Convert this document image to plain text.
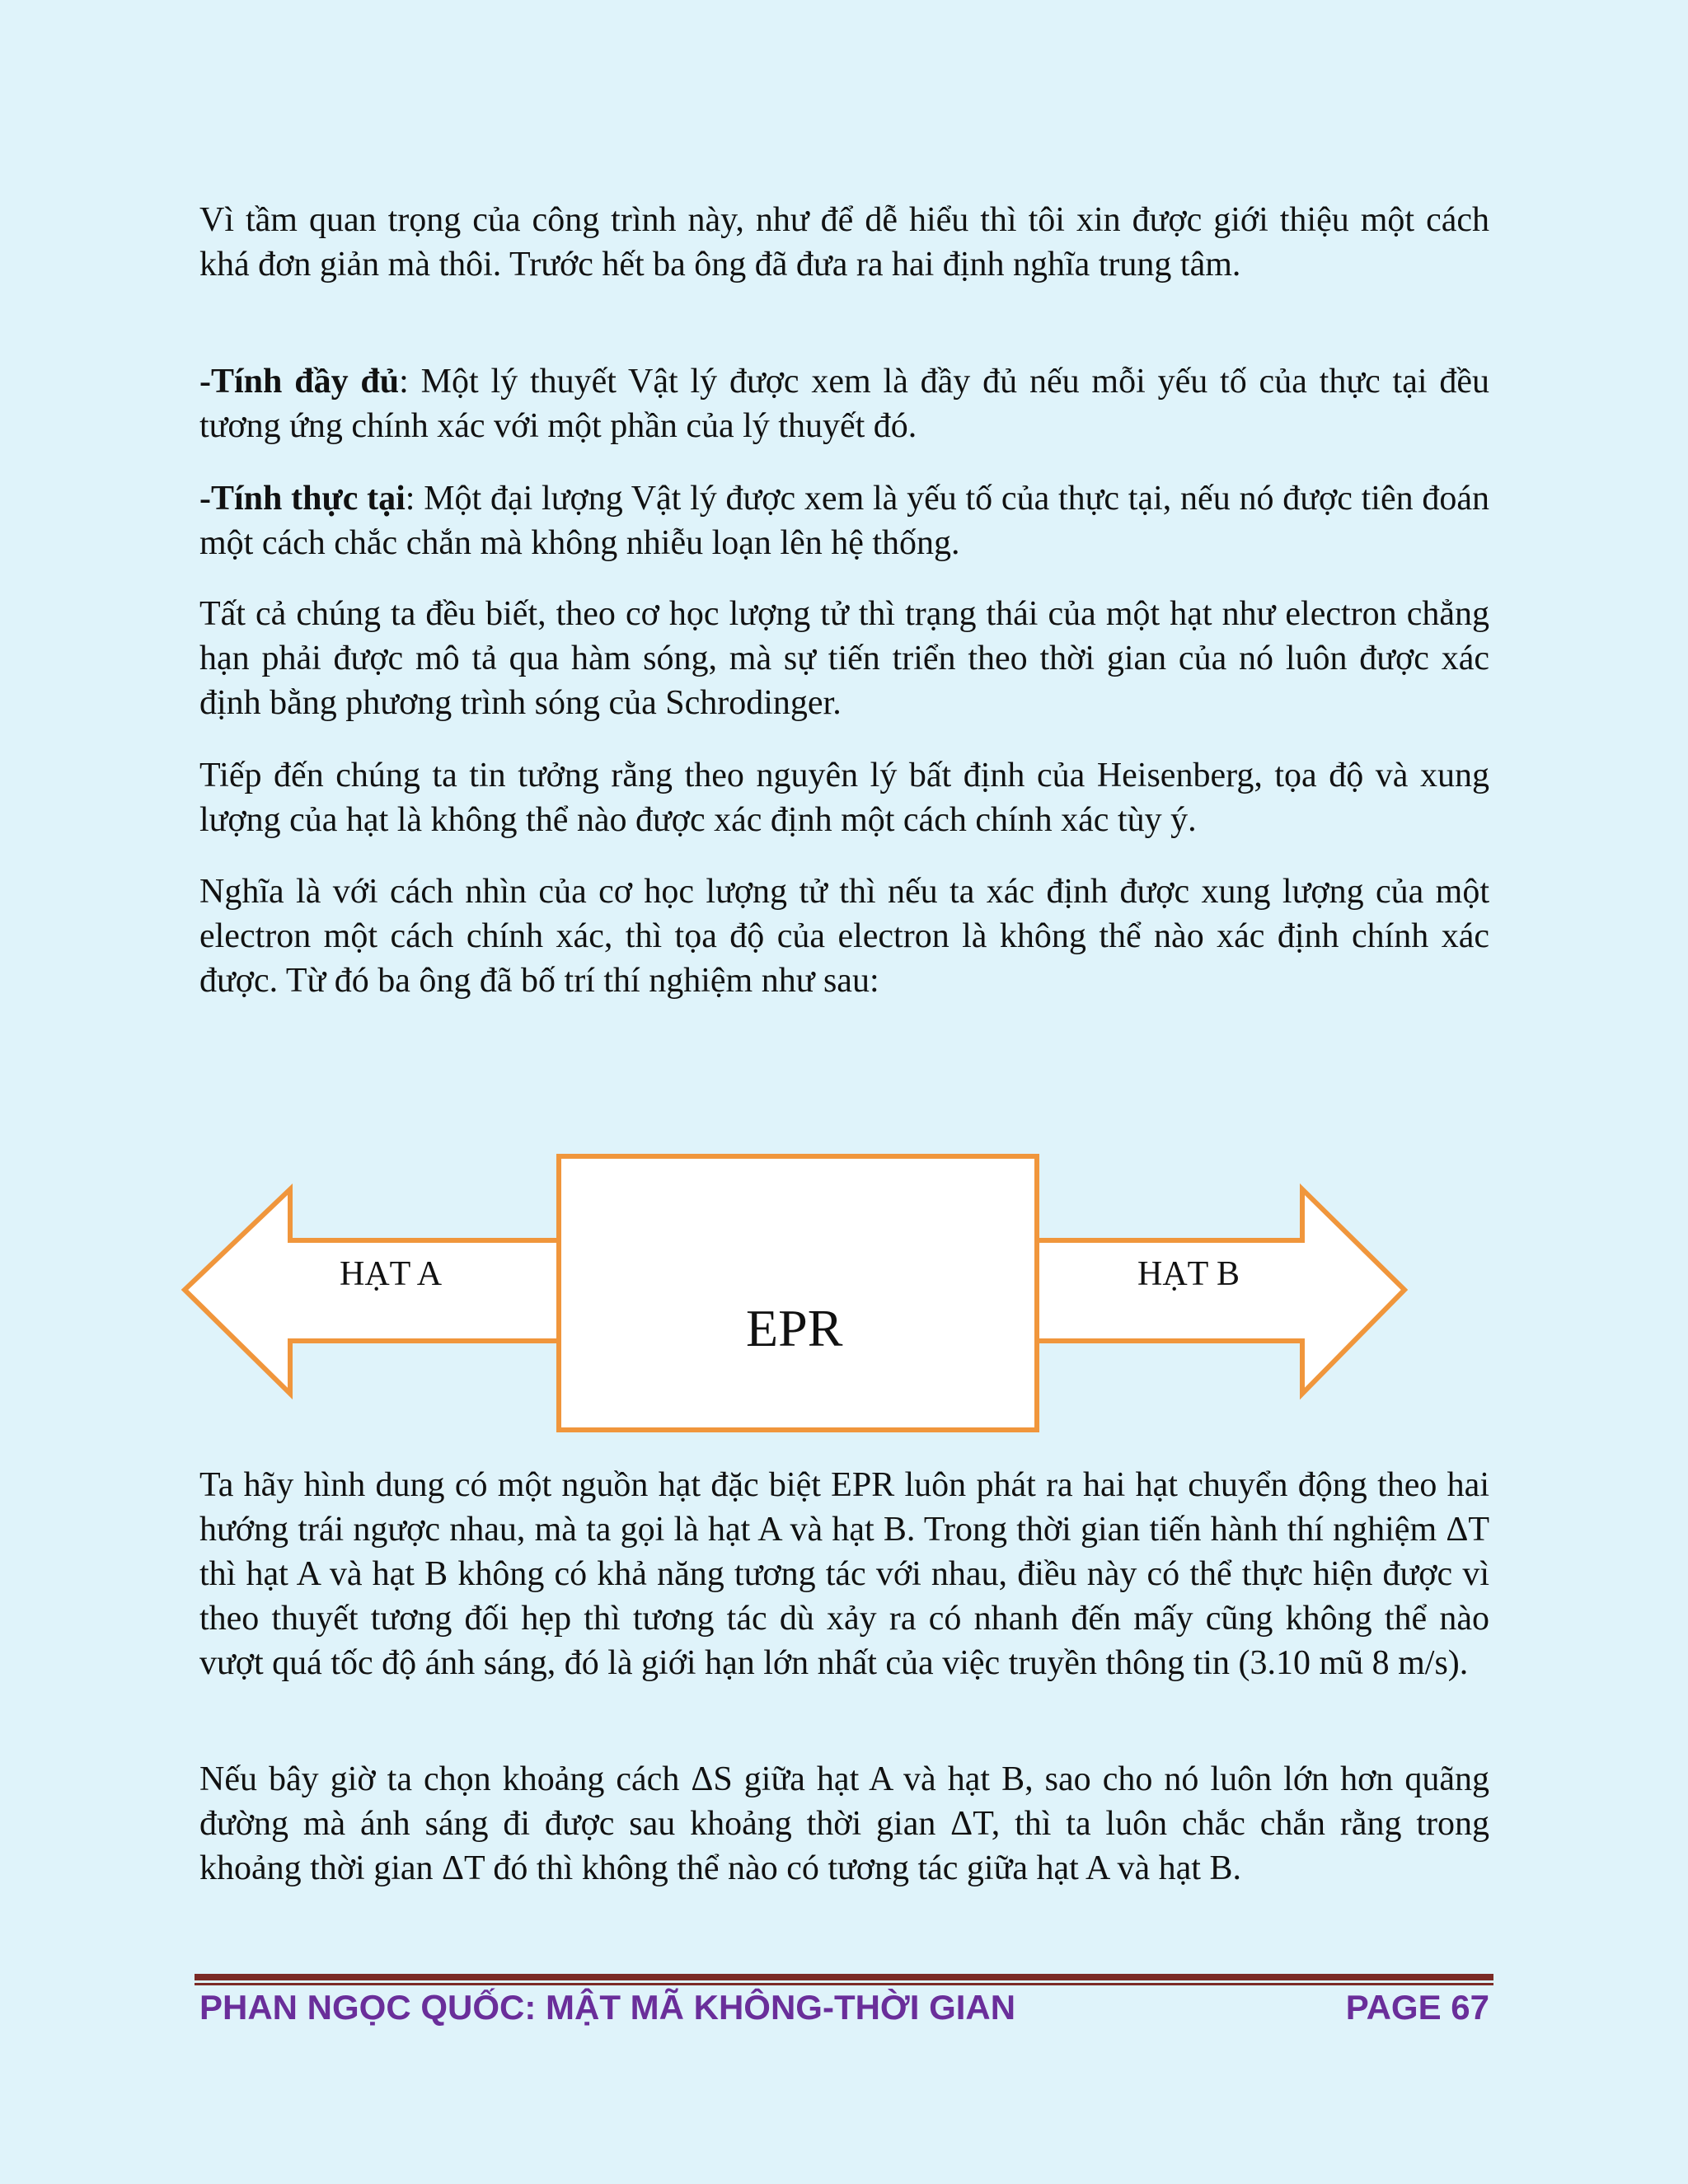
Vì tầm quan trọng của công trình này, như để dễ hiểu thì tôi xin được giới thiệu một cách khá đơn giản mà thôi. Trước hết ba ông đã đưa ra hai định nghĩa trung tâm.

-Tính đầy đủ: Một lý thuyết Vật lý được xem là đầy đủ nếu mỗi yếu tố của thực tại đều tương ứng chính xác với một phần của lý thuyết đó.

-Tính thực tại: Một đại lượng Vật lý được xem là yếu tố của thực tại, nếu nó được tiên đoán một cách chắc chắn mà không nhiễu loạn lên hệ thống.

Tất cả chúng ta đều biết, theo cơ học lượng tử thì trạng thái của một hạt như electron chẳng hạn phải được mô tả qua hàm sóng, mà sự tiến triển theo thời gian của nó luôn được xác định bằng phương trình sóng của Schrodinger.

Tiếp đến chúng ta tin tưởng rằng theo nguyên lý bất định của Heisenberg, tọa độ và xung lượng của hạt là không thể nào được xác định một cách chính xác tùy ý.

Nghĩa là với cách nhìn của cơ học lượng tử thì nếu ta xác định được xung lượng của một electron một cách chính xác, thì tọa độ của electron là không thể nào xác định chính xác được. Từ đó ba ông đã bố trí thí nghiệm như sau:

HẠT A	HẠT B
EPR

Ta hãy hình dung có một nguồn hạt đặc biệt EPR luôn phát ra hai hạt chuyển động theo hai hướng trái ngược nhau, mà ta gọi là hạt A và hạt B. Trong thời gian tiến hành thí nghiệm ΔT thì hạt A và hạt B không có khả năng tương tác với nhau, điều này có thể thực hiện được vì theo thuyết tương đối hẹp thì tương tác dù xảy ra có nhanh đến mấy cũng không thể nào vượt quá tốc độ ánh sáng, đó là giới hạn lớn nhất của việc truyền thông tin (3.10 mũ 8 m/s).

Nếu bây giờ ta chọn khoảng cách ΔS giữa hạt A và hạt B, sao cho nó luôn lớn hơn quãng đường mà ánh sáng đi được sau khoảng thời gian ΔT, thì ta luôn chắc chắn rằng trong khoảng thời gian ΔT đó thì không thể nào có tương tác giữa hạt A và hạt B.

PHAN NGỌC QUỐC: MẬT MÃ KHÔNG-THỜI GIAN	PAGE 67
